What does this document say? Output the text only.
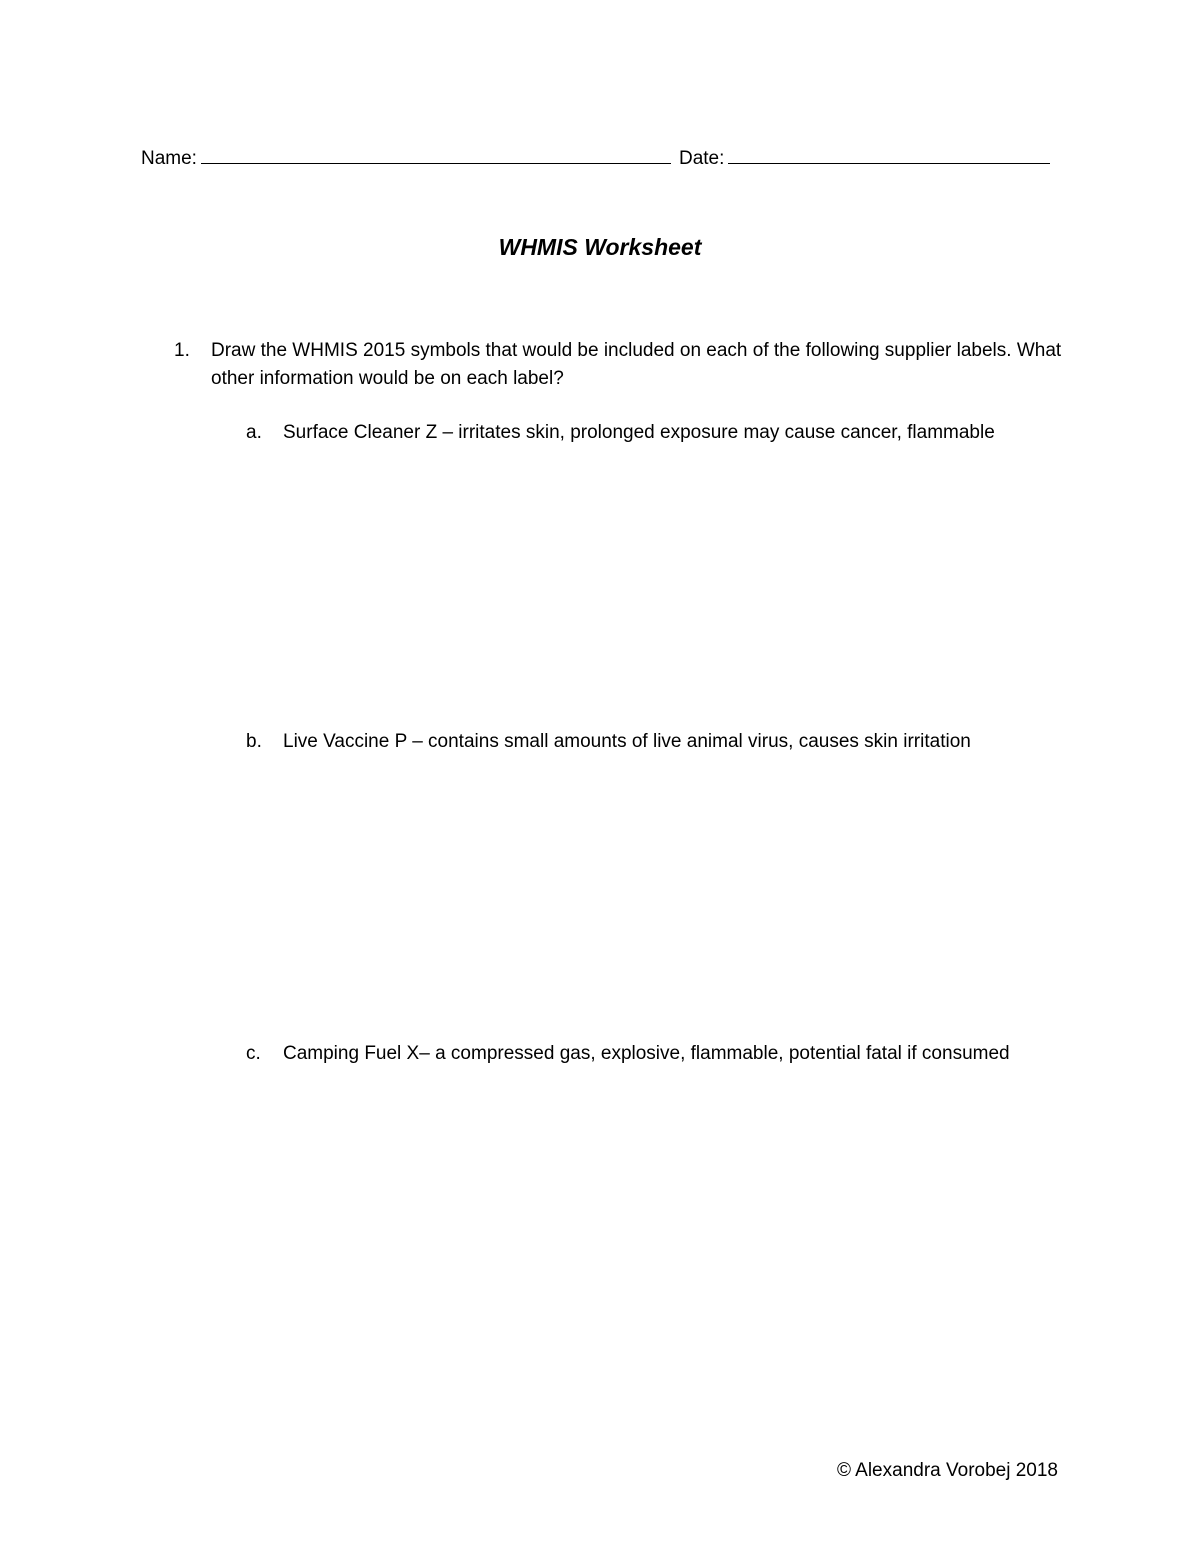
Name:	Date:
WHMIS Worksheet
1. Draw the WHMIS 2015 symbols that would be included on each of the following supplier labels. What other information would be on each label?
a. Surface Cleaner Z – irritates skin, prolonged exposure may cause cancer, flammable
b. Live Vaccine P – contains small amounts of live animal virus, causes skin irritation
c. Camping Fuel X– a compressed gas, explosive, flammable, potential fatal if consumed
© Alexandra Vorobej 2018
